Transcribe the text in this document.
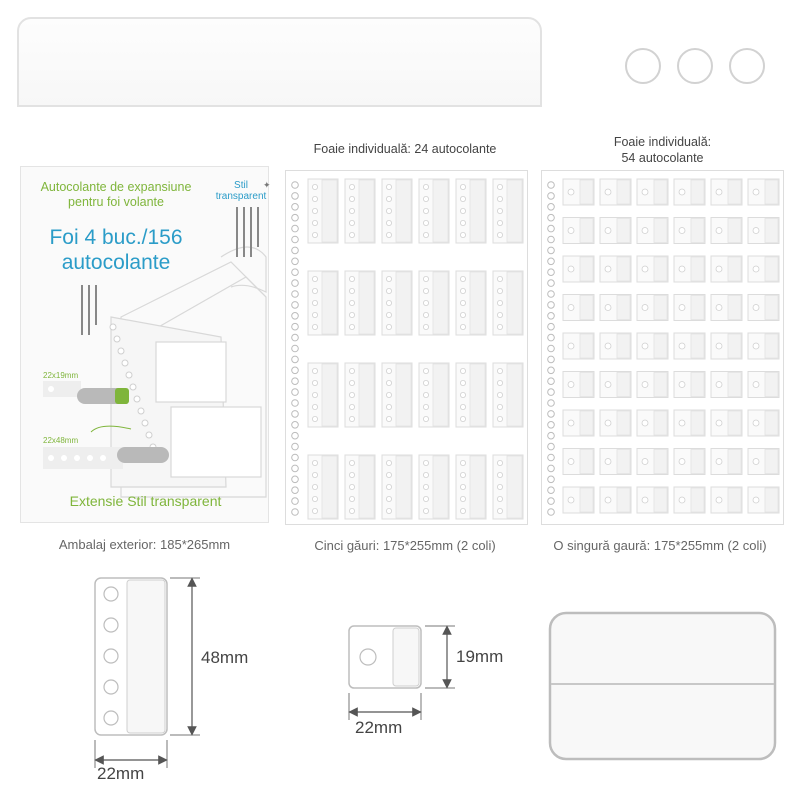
Autocolante de expansiune
pentru foi volante
Stil
transparent
✦
Foi 4 buc./156
autocolante
22x19mm
22x48mm
Extensie Stil transparent
Foaie individuală: 24 autocolante	Foaie individuală:
54 autocolante
Ambalaj exterior: 185*265mm	Cinci găuri: 175*255mm (2 coli)	O singură gaură: 175*255mm (2 coli)
48mm
22mm
19mm
22mm
